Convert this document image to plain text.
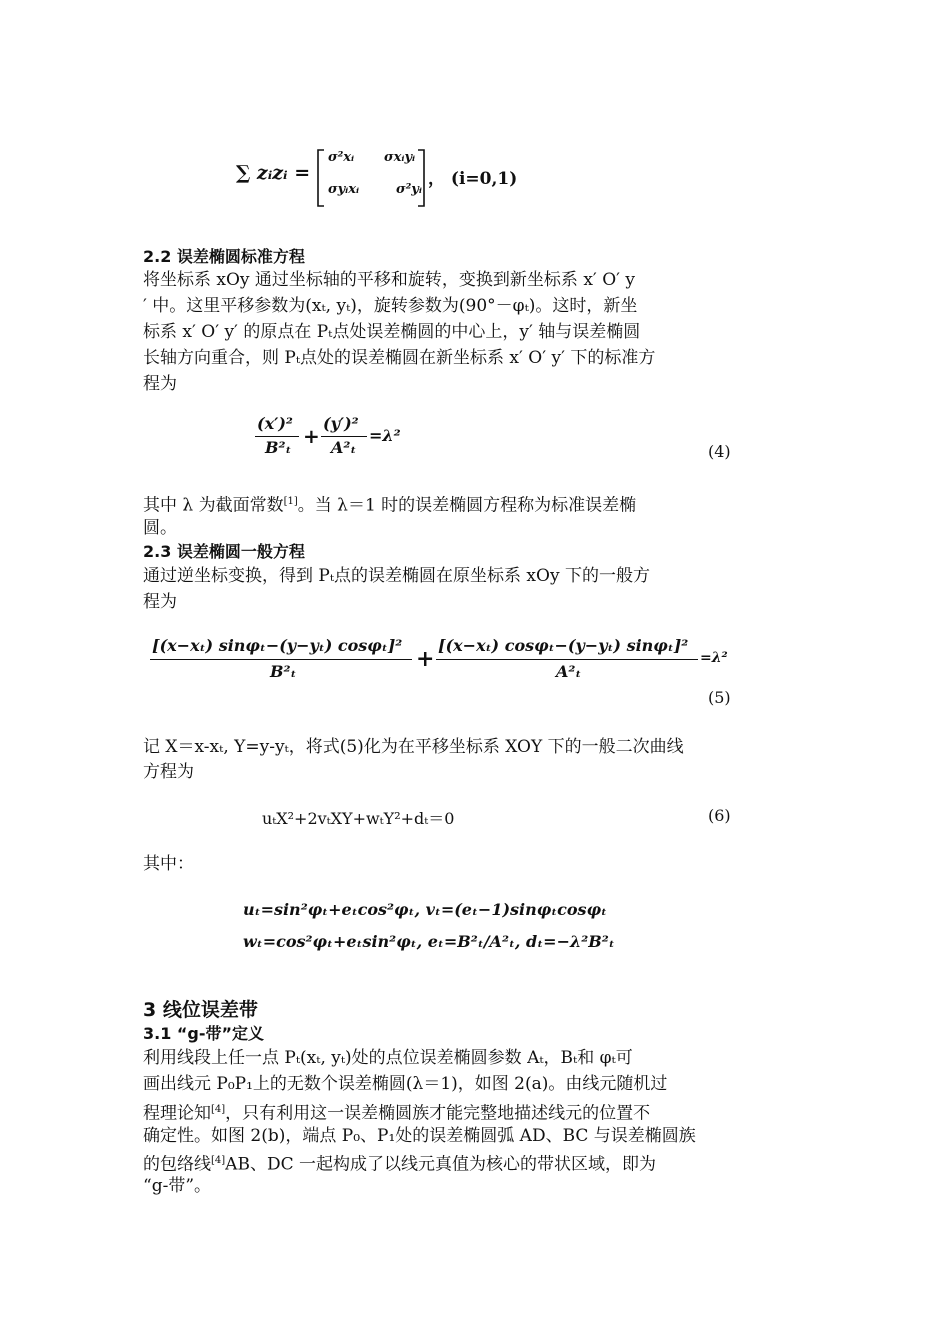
∑ zᵢzᵢ =
σ²xᵢ σxᵢyᵢ
σyᵢxᵢ	σ²yᵢ
， (i=0,1)
2.2 误差椭圆标准方程
将坐标系 xOy 通过坐标轴的平移和旋转，变换到新坐标系 x′ O′ y
′ 中。这里平移参数为(xₜ, yₜ)，旋转参数为(90°－φₜ)。这时，新坐
标系 x′ O′ y′ 的原点在 Pₜ点处误差椭圆的中心上，y′ 轴与误差椭圆
长轴方向重合，则 Pₜ点处的误差椭圆在新坐标系 x′ O′ y′ 下的标准方
程为
(x′)²
B²ₜ +
(y′)²
A²ₜ
=λ²
(4)
其中 λ 为截面常数[1]。当 λ＝1 时的误差椭圆方程称为标准误差椭
圆。
2.3 误差椭圆一般方程
通过逆坐标变换，得到 Pₜ点的误差椭圆在原坐标系 xOy 下的一般方
程为
[(x−xₜ) sinφₜ−(y−yₜ) cosφₜ]²
B²ₜ	+
[(x−xₜ) cosφₜ−(y−yₜ) sinφₜ]²
A²ₜ
=λ²
(5)
记 X＝x-xₜ, Y=y-yₜ，将式(5)化为在平移坐标系 XOY 下的一般二次曲线
方程为
uₜX²+2vₜXY+wₜY²+dₜ＝0	(6)
其中：
uₜ=sin²φₜ+eₜcos²φₜ, vₜ=(eₜ−1)sinφₜcosφₜ
wₜ=cos²φₜ+eₜsin²φₜ, eₜ=B²ₜ/A²ₜ, dₜ=−λ²B²ₜ
3 线位误差带
3.1 “g-带”定义
利用线段上任一点 Pₜ(xₜ, yₜ)处的点位误差椭圆参数 Aₜ，Bₜ和 φₜ可
画出线元 P₀P₁上的无数个误差椭圆(λ＝1)，如图 2(a)。由线元随机过
程理论知[4]，只有利用这一误差椭圆族才能完整地描述线元的位置不
确定性。如图 2(b)，端点 P₀、P₁处的误差椭圆弧 AD、BC 与误差椭圆族
的包络线[4]AB、DC 一起构成了以线元真值为核心的带状区域，即为
“g-带”。
